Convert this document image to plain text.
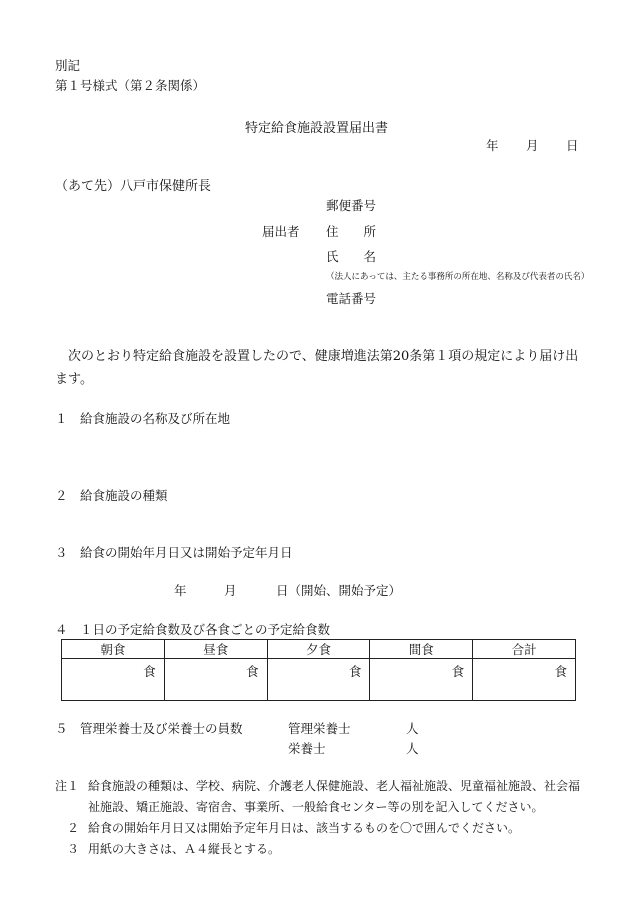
別記
第１号様式（第２条関係）
特定給食施設設置届出書
年 月 日
（あて先）八戸市保健所長
郵便番号
届出者 住　　所
氏　　名
（法人にあっては、主たる事務所の所在地、名称及び代表者の氏名）
電話番号
　次のとおり特定給食施設を設置したので、健康増進法第20条第１項の規定により届け出ます。
１　給食施設の名称及び所在地
２　給食施設の種類
３　給食の開始年月日又は開始予定年月日
年	月	日（開始、開始予定）
４　１日の予定給食数及び各食ごとの予定給食数
朝食	昼食	夕食	間食	合計
食	食	食	食	食
５　管理栄養士及び栄養士の員数	管理栄養士	人
栄養士	人
注１ 給食施設の種類は、学校、病院、介護老人保健施設、老人福祉施設、児童福祉施設、社会福祉施設、矯正施設、寄宿舎、事業所、一般給食センター等の別を記入してください。
　２ 給食の開始年月日又は開始予定年月日は、該当するものを〇で囲んでください。
　３ 用紙の大きさは、Ａ４縦長とする。
